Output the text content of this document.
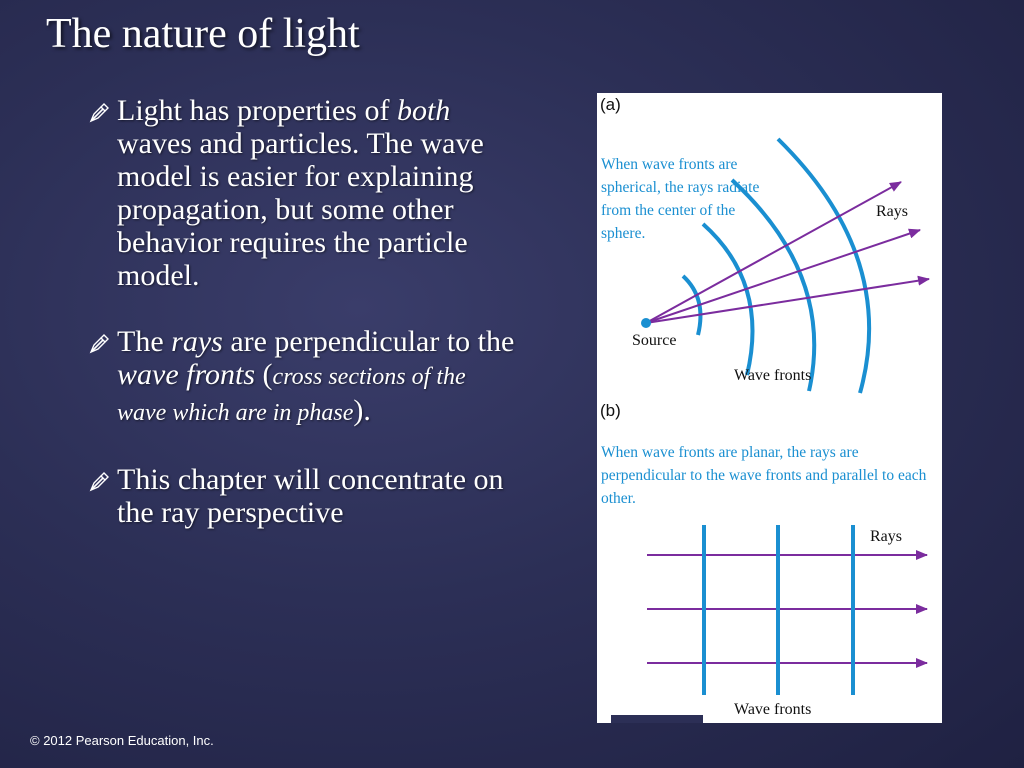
The nature of light
Light has properties of both waves and particles. The wave model is easier for explaining propagation, but some other behavior requires the particle model.
The rays are perpendicular to the wave fronts (cross sections of the wave which are in phase).
This chapter will concentrate on the ray perspective
(a)
When wave fronts are spherical, the rays radiate from the center of the sphere.
Rays
Source
Wave fronts
(b)
When wave fronts are planar, the rays are perpendicular to the wave fronts and parallel to each other.
Rays
Wave fronts
© 2012 Pearson Education, Inc.
